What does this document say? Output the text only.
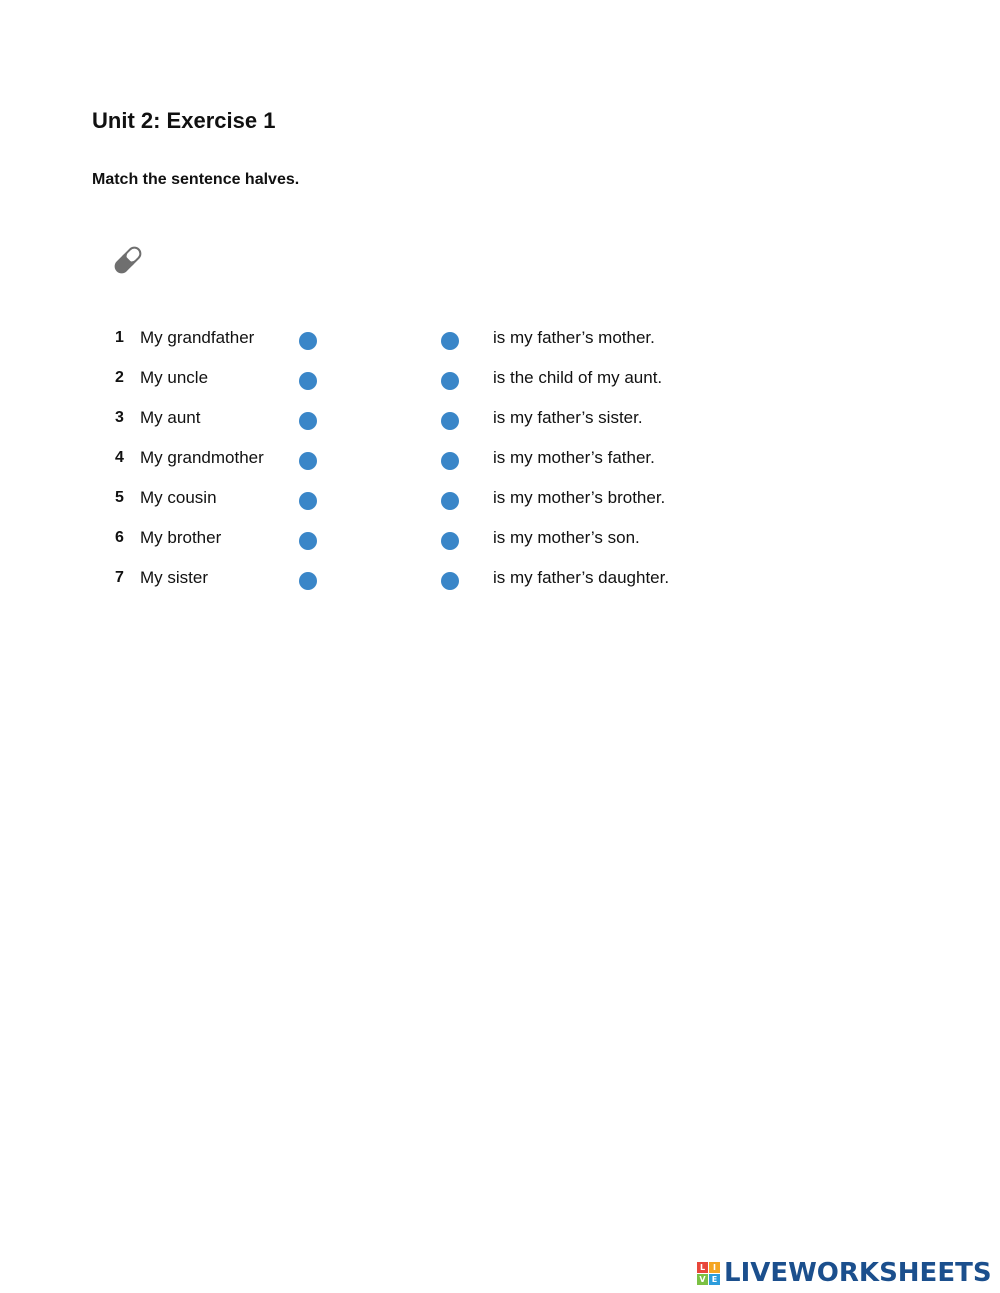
Unit 2: Exercise 1

Match the sentence halves.

1 My grandfather	is my father’s mother.
2 My uncle	is the child of my aunt.
3 My aunt	is my father’s sister.
4 My grandmother	is my mother’s father.
5 My cousin	is my mother’s brother.
6 My brother	is my mother’s son.
7 My sister	is my father’s daughter.
L I
V E LIVEWORKSHEETS
